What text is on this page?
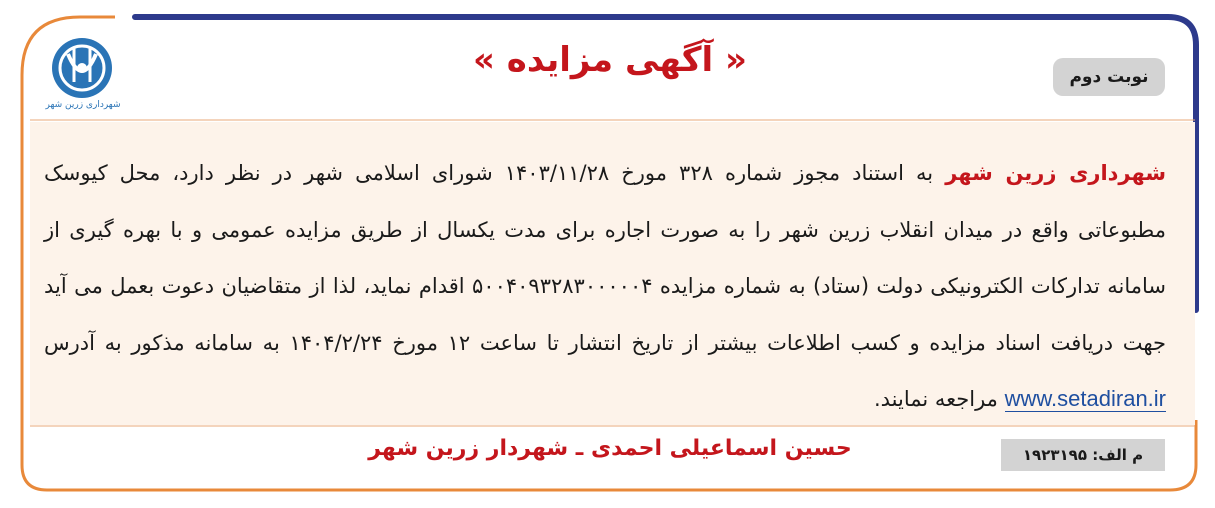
شهرداری زرین شهر
« آگهی مزایده »	نوبت دوم
شهرداری زرین شهر به استناد مجوز شماره ۳۲۸ مورخ ۱۴۰۳/۱۱/۲۸ شورای اسلامی شهر در نظر دارد، محل کیوسک مطبوعاتی واقع در میدان انقلاب زرین شهر را به صورت اجاره برای مدت یکسال از طریق مزایده عمومی و با بهره گیری از سامانه تدارکات الکترونیکی دولت (ستاد) به شماره مزایده ۵۰۰۴۰۹۳۲۸۳۰۰۰۰۰۴ اقدام نماید، لذا از متقاضیان دعوت بعمل می آید جهت دریافت اسناد مزایده و کسب اطلاعات بیشتر از تاریخ انتشار تا ساعت ۱۲ مورخ ۱۴۰۴/۲/۲۴ به سامانه مذکور به آدرس www.setadiran.ir مراجعه نمایند.
م الف: ۱۹۲۳۱۹۵
حسین اسماعیلی احمدی ـ شهردار زرین شهر
